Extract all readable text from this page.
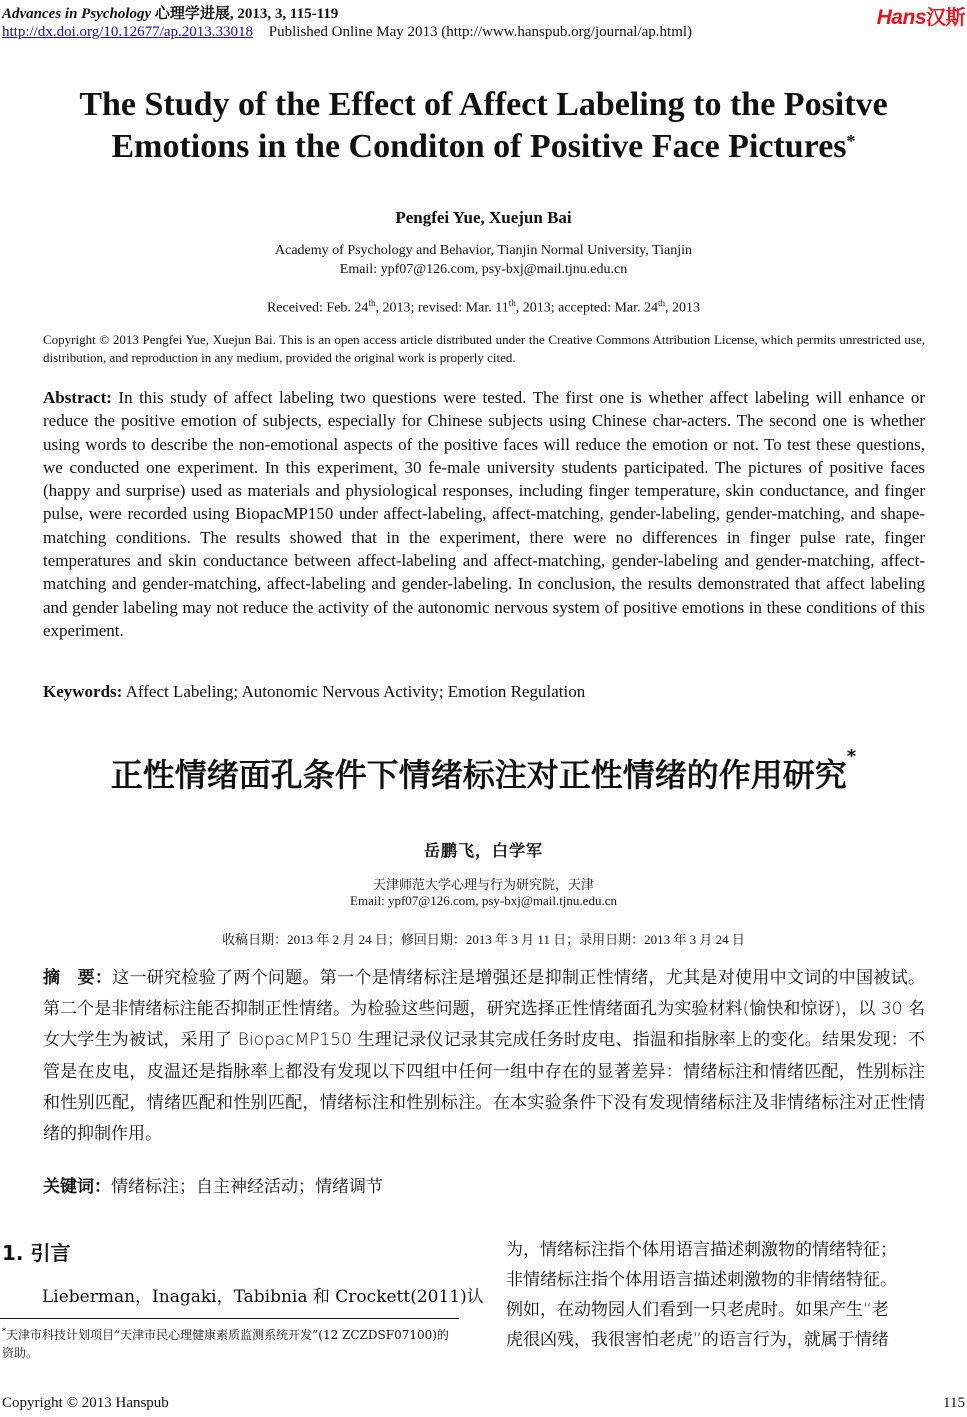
Advances in Psychology 心理学进展, 2013, 3, 115-119
http://dx.doi.org/10.12677/ap.2013.33018 Published Online May 2013 (http://www.hanspub.org/journal/ap.html)
Hans汉斯
The Study of the Effect of Affect Labeling to the Positve
Emotions in the Conditon of Positive Face Pictures*
Pengfei Yue, Xuejun Bai
Academy of Psychology and Behavior, Tianjin Normal University, Tianjin
Email: ypf07@126.com, psy-bxj@mail.tjnu.edu.cn
Received: Feb. 24th, 2013; revised: Mar. 11th, 2013; accepted: Mar. 24th, 2013
Copyright © 2013 Pengfei Yue, Xuejun Bai. This is an open access article distributed under the Creative Commons Attribution License, which permits unrestricted use, distribution, and reproduction in any medium, provided the original work is properly cited.
Abstract: In this study of affect labeling two questions were tested. The first one is whether affect labeling will enhance or reduce the positive emotion of subjects, especially for Chinese subjects using Chinese char-acters. The second one is whether using words to describe the non-emotional aspects of the positive faces will reduce the emotion or not. To test these questions, we conducted one experiment. In this experiment, 30 fe-male university students participated. The pictures of positive faces (happy and surprise) used as materials and physiological responses, including finger temperature, skin conductance, and finger pulse, were recorded using BiopacMP150 under affect-labeling, affect-matching, gender-labeling, gender-matching, and shape-matching conditions. The results showed that in the experiment, there were no differences in finger pulse rate, finger temperatures and skin conductance between affect-labeling and affect-matching, gender-labeling and gender-matching, affect-matching and gender-matching, affect-labeling and gender-labeling. In conclusion, the results demonstrated that affect labeling and gender labeling may not reduce the activity of the autonomic nervous system of positive emotions in these conditions of this experiment.
Keywords: Affect Labeling; Autonomic Nervous Activity; Emotion Regulation
正性情绪面孔条件下情绪标注对正性情绪的作用研究*
岳鹏飞，白学军
天津师范大学心理与行为研究院，天津
Email: ypf07@126.com, psy-bxj@mail.tjnu.edu.cn
收稿日期：2013 年 2 月 24 日；修回日期：2013 年 3 月 11 日；录用日期：2013 年 3 月 24 日
摘　要：这一研究检验了两个问题。第一个是情绪标注是增强还是抑制正性情绪，尤其是对使用中文词的中国被试。第二个是非情绪标注能否抑制正性情绪。为检验这些问题，研究选择正性情绪面孔为实验材料(愉快和惊讶)，以 30 名女大学生为被试，采用了 BiopacMP150 生理记录仪记录其完成任务时皮电、指温和指脉率上的变化。结果发现：不管是在皮电，皮温还是指脉率上都没有发现以下四组中任何一组中存在的显著差异：情绪标注和情绪匹配，性别标注和性别匹配，情绪匹配和性别匹配，情绪标注和性别标注。在本实验条件下没有发现情绪标注及非情绪标注对正性情绪的抑制作用。
关键词：情绪标注；自主神经活动；情绪调节
1. 引言
Lieberman，Inagaki，Tabibnia 和 Crockett(2011)认
*天津市科技计划项目“天津市民心理健康素质监测系统开发”(12 ZCZDSF07100)的资助。
为，情绪标注指个体用语言描述刺激物的情绪特征；
非情绪标注指个体用语言描述刺激物的非情绪特征。
例如，在动物园人们看到一只老虎时。如果产生“老
虎很凶残，我很害怕老虎”的语言行为，就属于情绪
Copyright © 2013 Hanspub	115
